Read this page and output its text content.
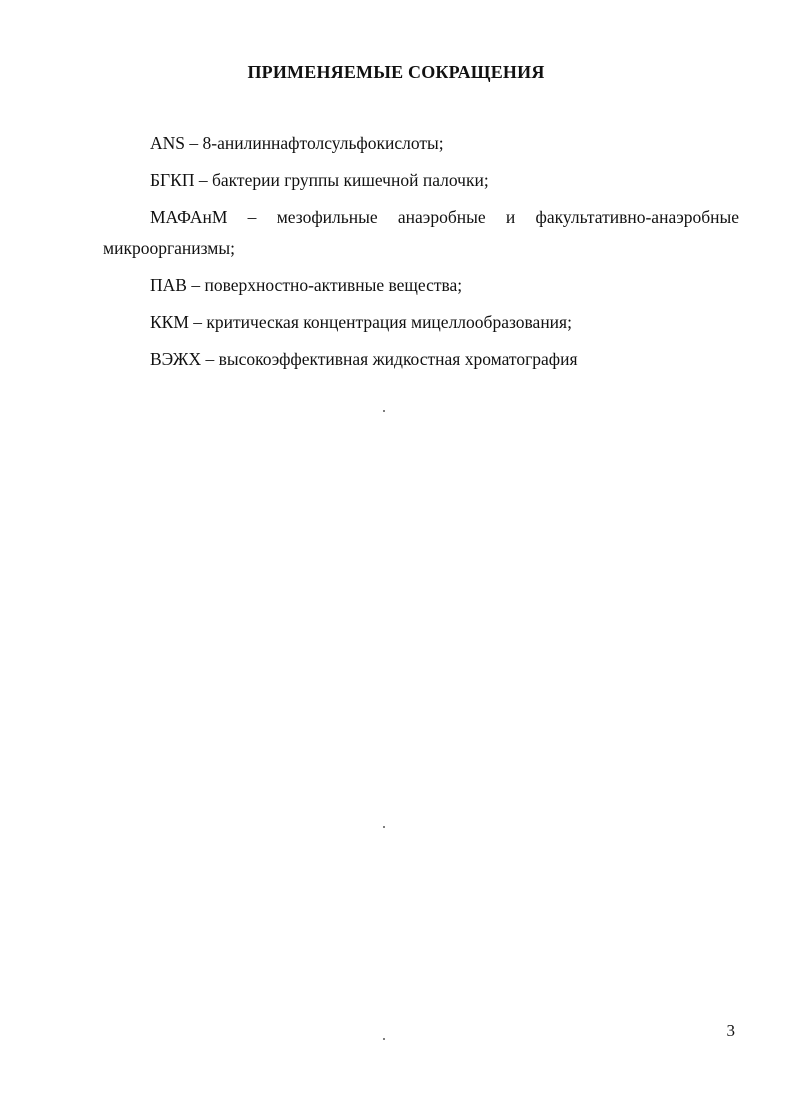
ПРИМЕНЯЕМЫЕ СОКРАЩЕНИЯ

ANS – 8-анилиннафтолсульфокислоты;

БГКП – бактерии группы кишечной палочки;

МАФАнМ – мезофильные анаэробные и факультативно-анаэробные микроорганизмы;

ПАВ – поверхностно-активные вещества;

ККМ – критическая концентрация мицеллообразования;

ВЭЖХ – высокоэффективная жидкостная хроматография

3
